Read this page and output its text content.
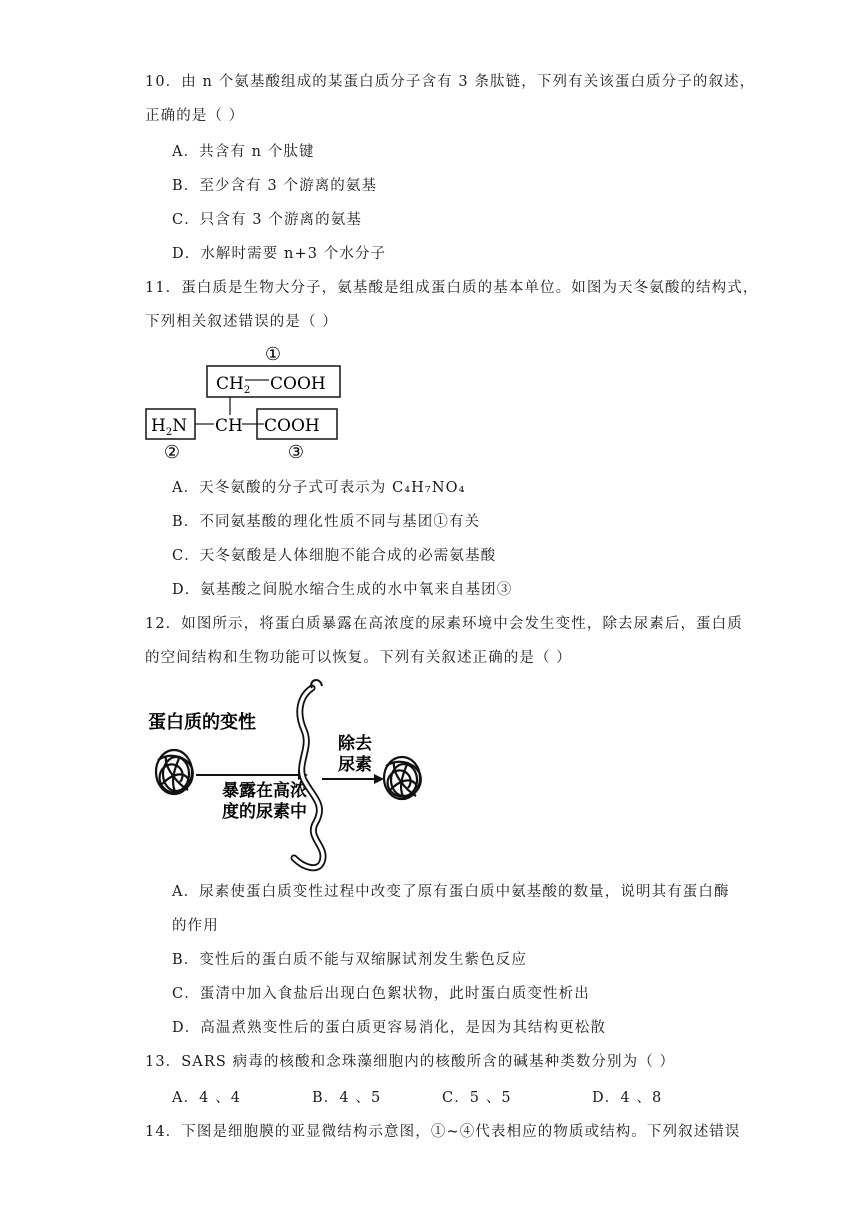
10．由 n 个氨基酸组成的某蛋白质分子含有 3 条肽链，下列有关该蛋白质分子的叙述，
正确的是（ ）
A．共含有 n 个肽键
B．至少含有 3 个游离的氨基
C．只含有 3 个游离的氨基
D．水解时需要 n+3 个水分子
11．蛋白质是生物大分子，氨基酸是组成蛋白质的基本单位。如图为天冬氨酸的结构式，
下列相关叙述错误的是（ ）
①
$CH_2$ COOH
$H_2N$ CH COOH
②	③
A．天冬氨酸的分子式可表示为 C₄H₇NO₄
B．不同氨基酸的理化性质不同与基团①有关
C．天冬氨酸是人体细胞不能合成的必需氨基酸
D．氨基酸之间脱水缩合生成的水中氧来自基团③
12．如图所示，将蛋白质暴露在高浓度的尿素环境中会发生变性，除去尿素后，蛋白质
的空间结构和生物功能可以恢复。下列有关叙述正确的是（ ）
蛋白质的变性
暴露在高浓
度的尿素中
除去
尿素
A．尿素使蛋白质变性过程中改变了原有蛋白质中氨基酸的数量，说明其有蛋白酶
的作用
B．变性后的蛋白质不能与双缩脲试剂发生紫色反应
C．蛋清中加入食盐后出现白色絮状物，此时蛋白质变性析出
D．高温煮熟变性后的蛋白质更容易消化，是因为其结构更松散
13．SARS 病毒的核酸和念珠藻细胞内的核酸所含的碱基种类数分别为（ ）
A．4 、4	B．4 、5	C．5 、5	D．4 、8
14．下图是细胞膜的亚显微结构示意图，①~④代表相应的物质或结构。下列叙述错误
